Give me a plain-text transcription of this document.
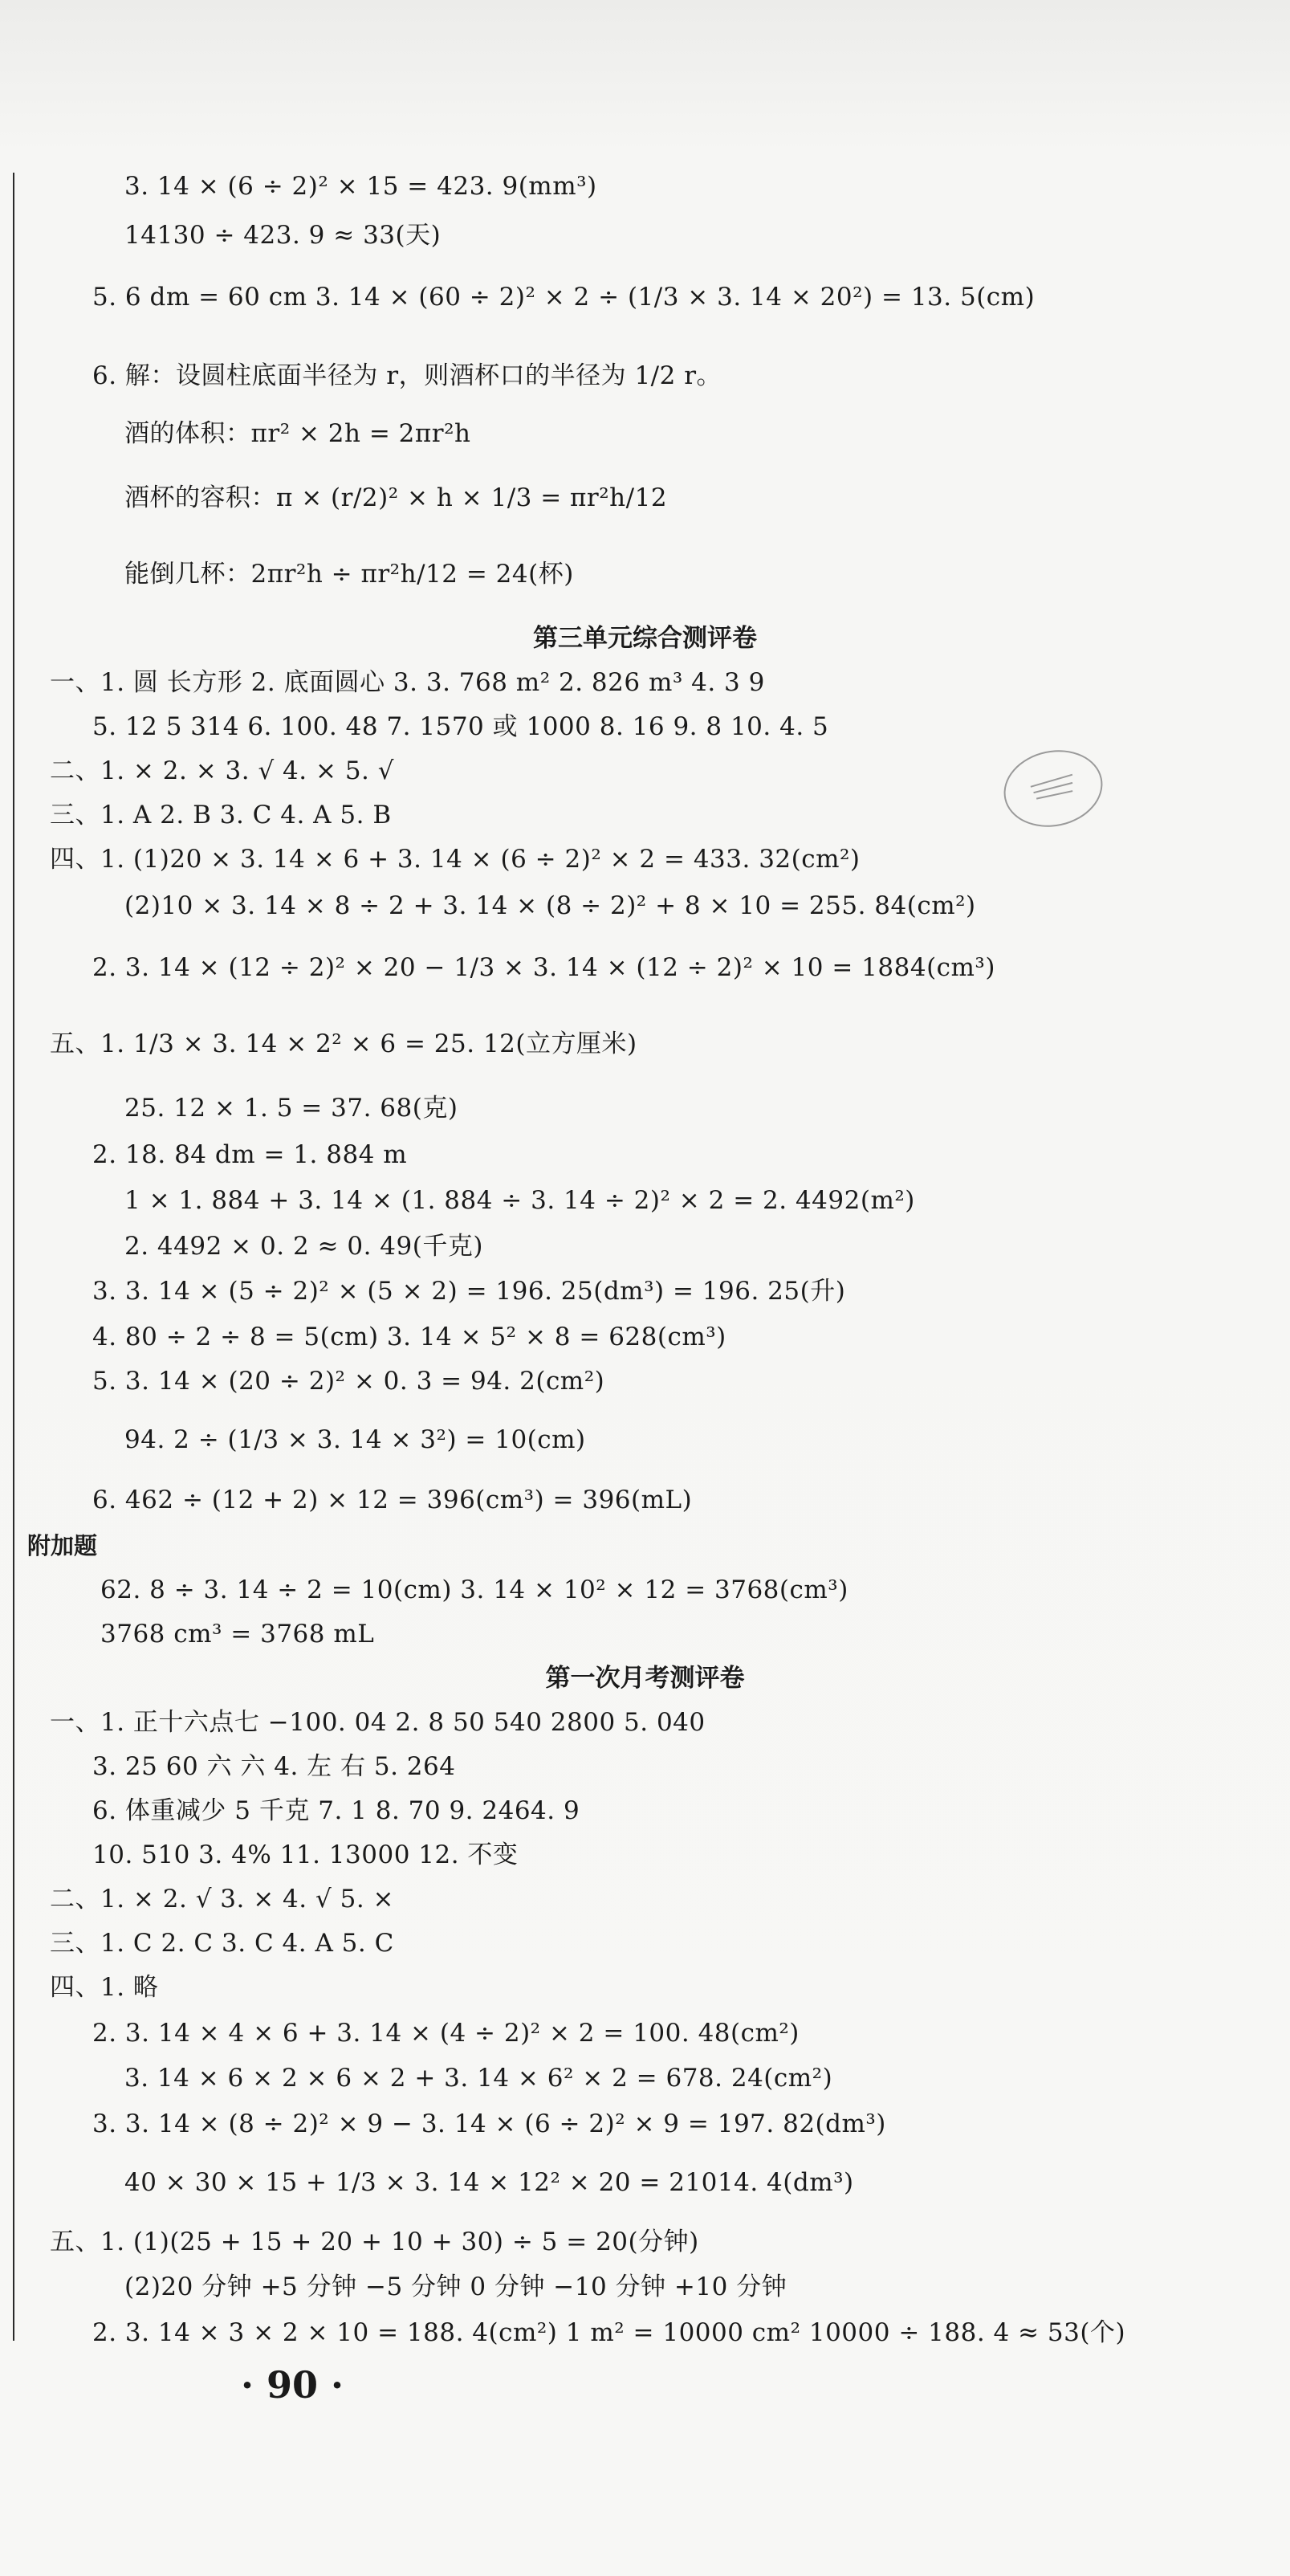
3. 14 × (6 ÷ 2)² × 15 = 423. 9(mm³)
14130 ÷ 423. 9 ≈ 33(天)
5. 6 dm = 60 cm 3. 14 × (60 ÷ 2)² × 2 ÷ (1/3 × 3. 14 × 20²) = 13. 5(cm)
6. 解：设圆柱底面半径为 r，则酒杯口的半径为 1/2 r。
酒的体积：πr² × 2h = 2πr²h
酒杯的容积：π × (r/2)² × h × 1/3 = πr²h/12
能倒几杯：2πr²h ÷ πr²h/12 = 24(杯)
第三单元综合测评卷
一、1. 圆 长方形 2. 底面圆心 3. 3. 768 m² 2. 826 m³ 4. 3 9
5. 12 5 314 6. 100. 48 7. 1570 或 1000 8. 16 9. 8 10. 4. 5
二、1. × 2. × 3. √ 4. × 5. √
三、1. A 2. B 3. C 4. A 5. B
四、1. (1)20 × 3. 14 × 6 + 3. 14 × (6 ÷ 2)² × 2 = 433. 32(cm²)
(2)10 × 3. 14 × 8 ÷ 2 + 3. 14 × (8 ÷ 2)² + 8 × 10 = 255. 84(cm²)
2. 3. 14 × (12 ÷ 2)² × 20 − 1/3 × 3. 14 × (12 ÷ 2)² × 10 = 1884(cm³)
五、1. 1/3 × 3. 14 × 2² × 6 = 25. 12(立方厘米)
25. 12 × 1. 5 = 37. 68(克)
2. 18. 84 dm = 1. 884 m
1 × 1. 884 + 3. 14 × (1. 884 ÷ 3. 14 ÷ 2)² × 2 = 2. 4492(m²)
2. 4492 × 0. 2 ≈ 0. 49(千克)
3. 3. 14 × (5 ÷ 2)² × (5 × 2) = 196. 25(dm³) = 196. 25(升)
4. 80 ÷ 2 ÷ 8 = 5(cm) 3. 14 × 5² × 8 = 628(cm³)
5. 3. 14 × (20 ÷ 2)² × 0. 3 = 94. 2(cm²)
94. 2 ÷ (1/3 × 3. 14 × 3²) = 10(cm)
6. 462 ÷ (12 + 2) × 12 = 396(cm³) = 396(mL)
附加题
62. 8 ÷ 3. 14 ÷ 2 = 10(cm) 3. 14 × 10² × 12 = 3768(cm³)
3768 cm³ = 3768 mL
第一次月考测评卷
一、1. 正十六点七 −100. 04 2. 8 50 540 2800 5. 040
3. 25 60 六 六 4. 左 右 5. 264
6. 体重减少 5 千克 7. 1 8. 70 9. 2464. 9
10. 510 3. 4% 11. 13000 12. 不变
二、1. × 2. √ 3. × 4. √ 5. ×
三、1. C 2. C 3. C 4. A 5. C
四、1. 略
2. 3. 14 × 4 × 6 + 3. 14 × (4 ÷ 2)² × 2 = 100. 48(cm²)
3. 14 × 6 × 2 × 6 × 2 + 3. 14 × 6² × 2 = 678. 24(cm²)
3. 3. 14 × (8 ÷ 2)² × 9 − 3. 14 × (6 ÷ 2)² × 9 = 197. 82(dm³)
40 × 30 × 15 + 1/3 × 3. 14 × 12² × 20 = 21014. 4(dm³)
五、1. (1)(25 + 15 + 20 + 10 + 30) ÷ 5 = 20(分钟)
(2)20 分钟 +5 分钟 −5 分钟 0 分钟 −10 分钟 +10 分钟
2. 3. 14 × 3 × 2 × 10 = 188. 4(cm²) 1 m² = 10000 cm² 10000 ÷ 188. 4 ≈ 53(个)
· 90 ·
